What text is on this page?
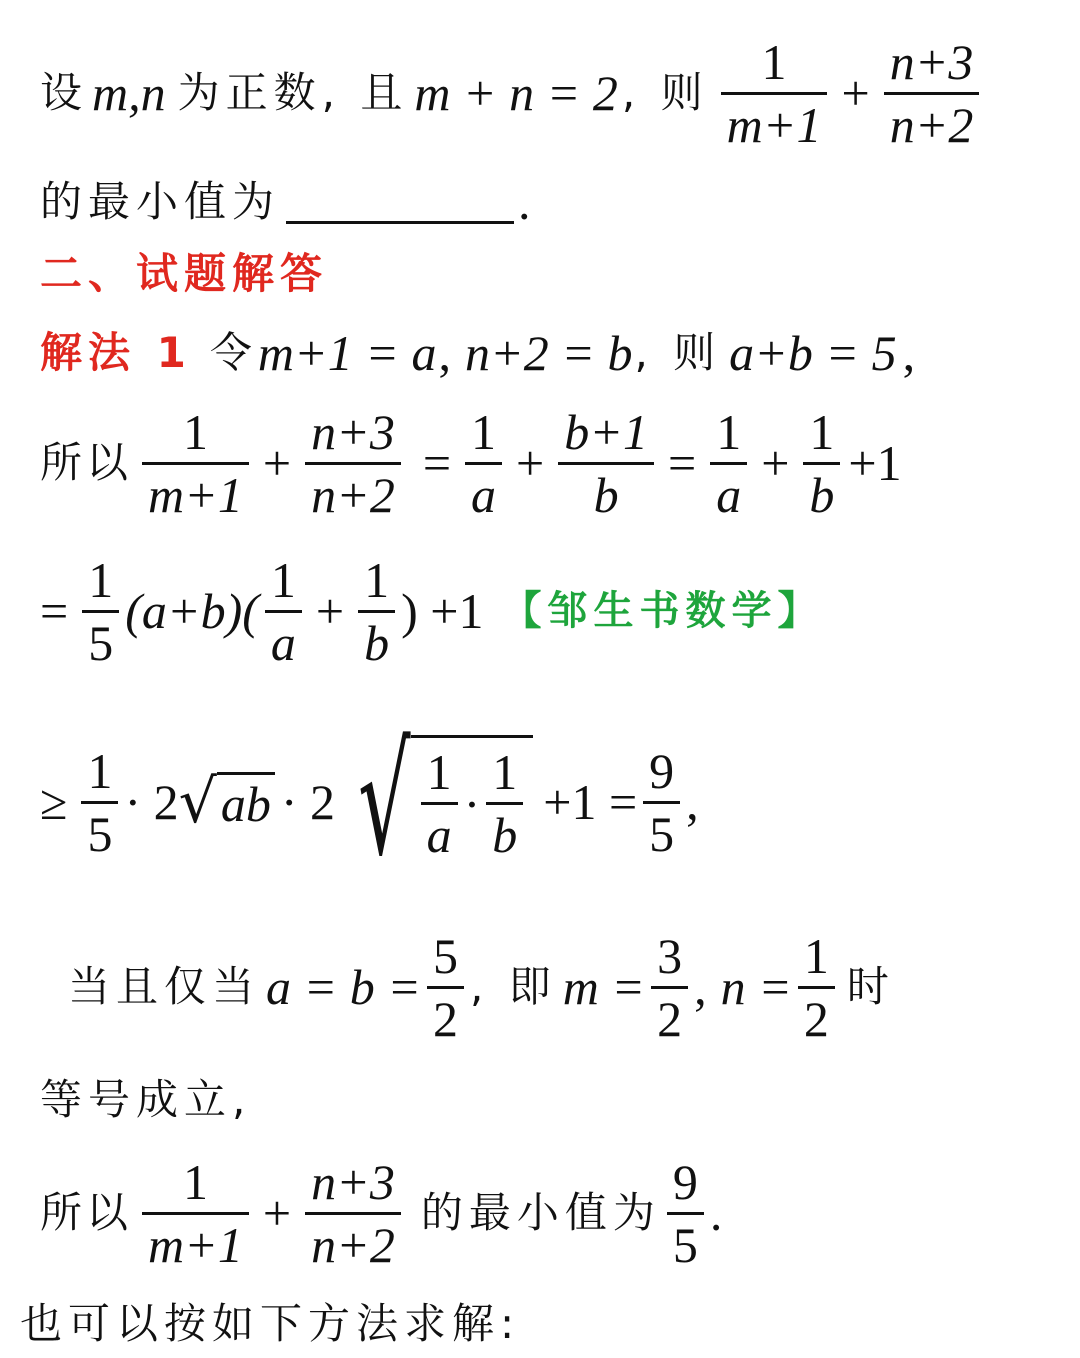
设 m,n 为正数, 且 m + n = 2 , 则 $\frac{1}{m+1} + \frac{n+3}{n+2}$
的最小值为	.
二、试题解答
解法 1 令 m+1 = a , n+2 = b , 则 a+b = 5 ,
所以 $\frac{1}{m+1} + \frac{n+3}{n+2} = \frac{1}{a} + \frac{b+1}{b} = \frac{1}{a} + \frac{1}{b} +1$
= $\frac{1}{5} (a+b)( \frac{1}{a} + \frac{1}{b}$ ) +1 【邹生书数学】
≥ $\frac{1}{5} \cdot 2$ √ ab · 2 √ $\frac{1}{a} \cdot \frac{1}{b} +1 = \frac{9}{5}$ ,
当且仅当 $a = b = \frac{5}{2}$ , 即 $m = \frac{3}{2}$ , $n = \frac{1}{2}$ 时
等号成立,
所以 $\frac{1}{m+1} + \frac{n+3}{n+2}$ 的最小值为 $\frac{9}{5}$ .
也可以按如下方法求解:
